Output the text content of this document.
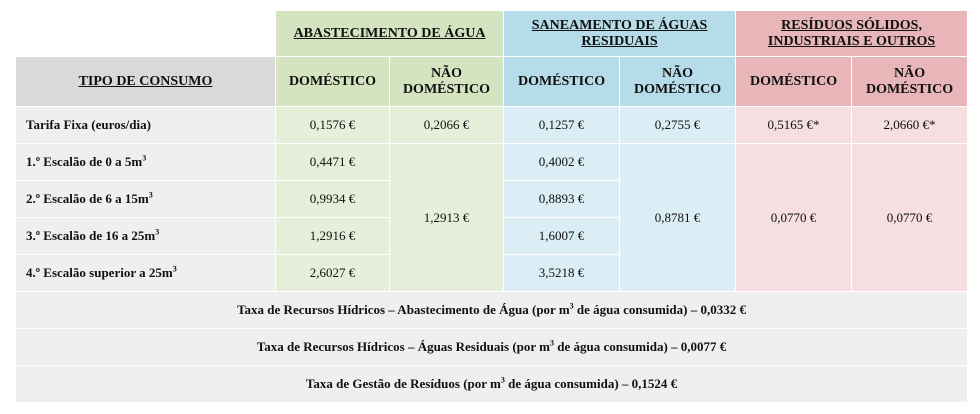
	ABASTECIMENTO DE ÁGUA		SANEAMENTO DE ÁGUAS RESIDUAIS		RESÍDUOS SÓLIDOS, INDUSTRIAIS E OUTROS	
TIPO DE CONSUMO	DOMÉSTICO	NÃO DOMÉSTICO	DOMÉSTICO	NÃO DOMÉSTICO	DOMÉSTICO	NÃO DOMÉSTICO
Tarifa Fixa (euros/dia)	0,1576 €	0,2066 €	0,1257 €	0,2755 €	0,5165 €*	2,0660 €*
1.º Escalão de 0 a $5m^3$	0,4471 €	1,2913 €	0,4002 €	0,8781 €	0,0770 €	0,0770 €
2.º Escalão de 6 a $15m^3$	0,9934 €		0,8893 €			
3.º Escalão de 16 a $25m^3$	1,2916 €		1,6007 €			
4.º Escalão superior a $25m^3$	2,6027 €		3,5218 €			
Taxa de Recursos Hídricos – Abastecimento de Água (por $m^3$ de água consumida) – 0,0332 €						
Taxa de Recursos Hídricos – Águas Residuais (por $m^3$ de água consumida) – 0,0077 €						
Taxa de Gestão de Resíduos (por $m^3$ de água consumida) – 0,1524 €						
